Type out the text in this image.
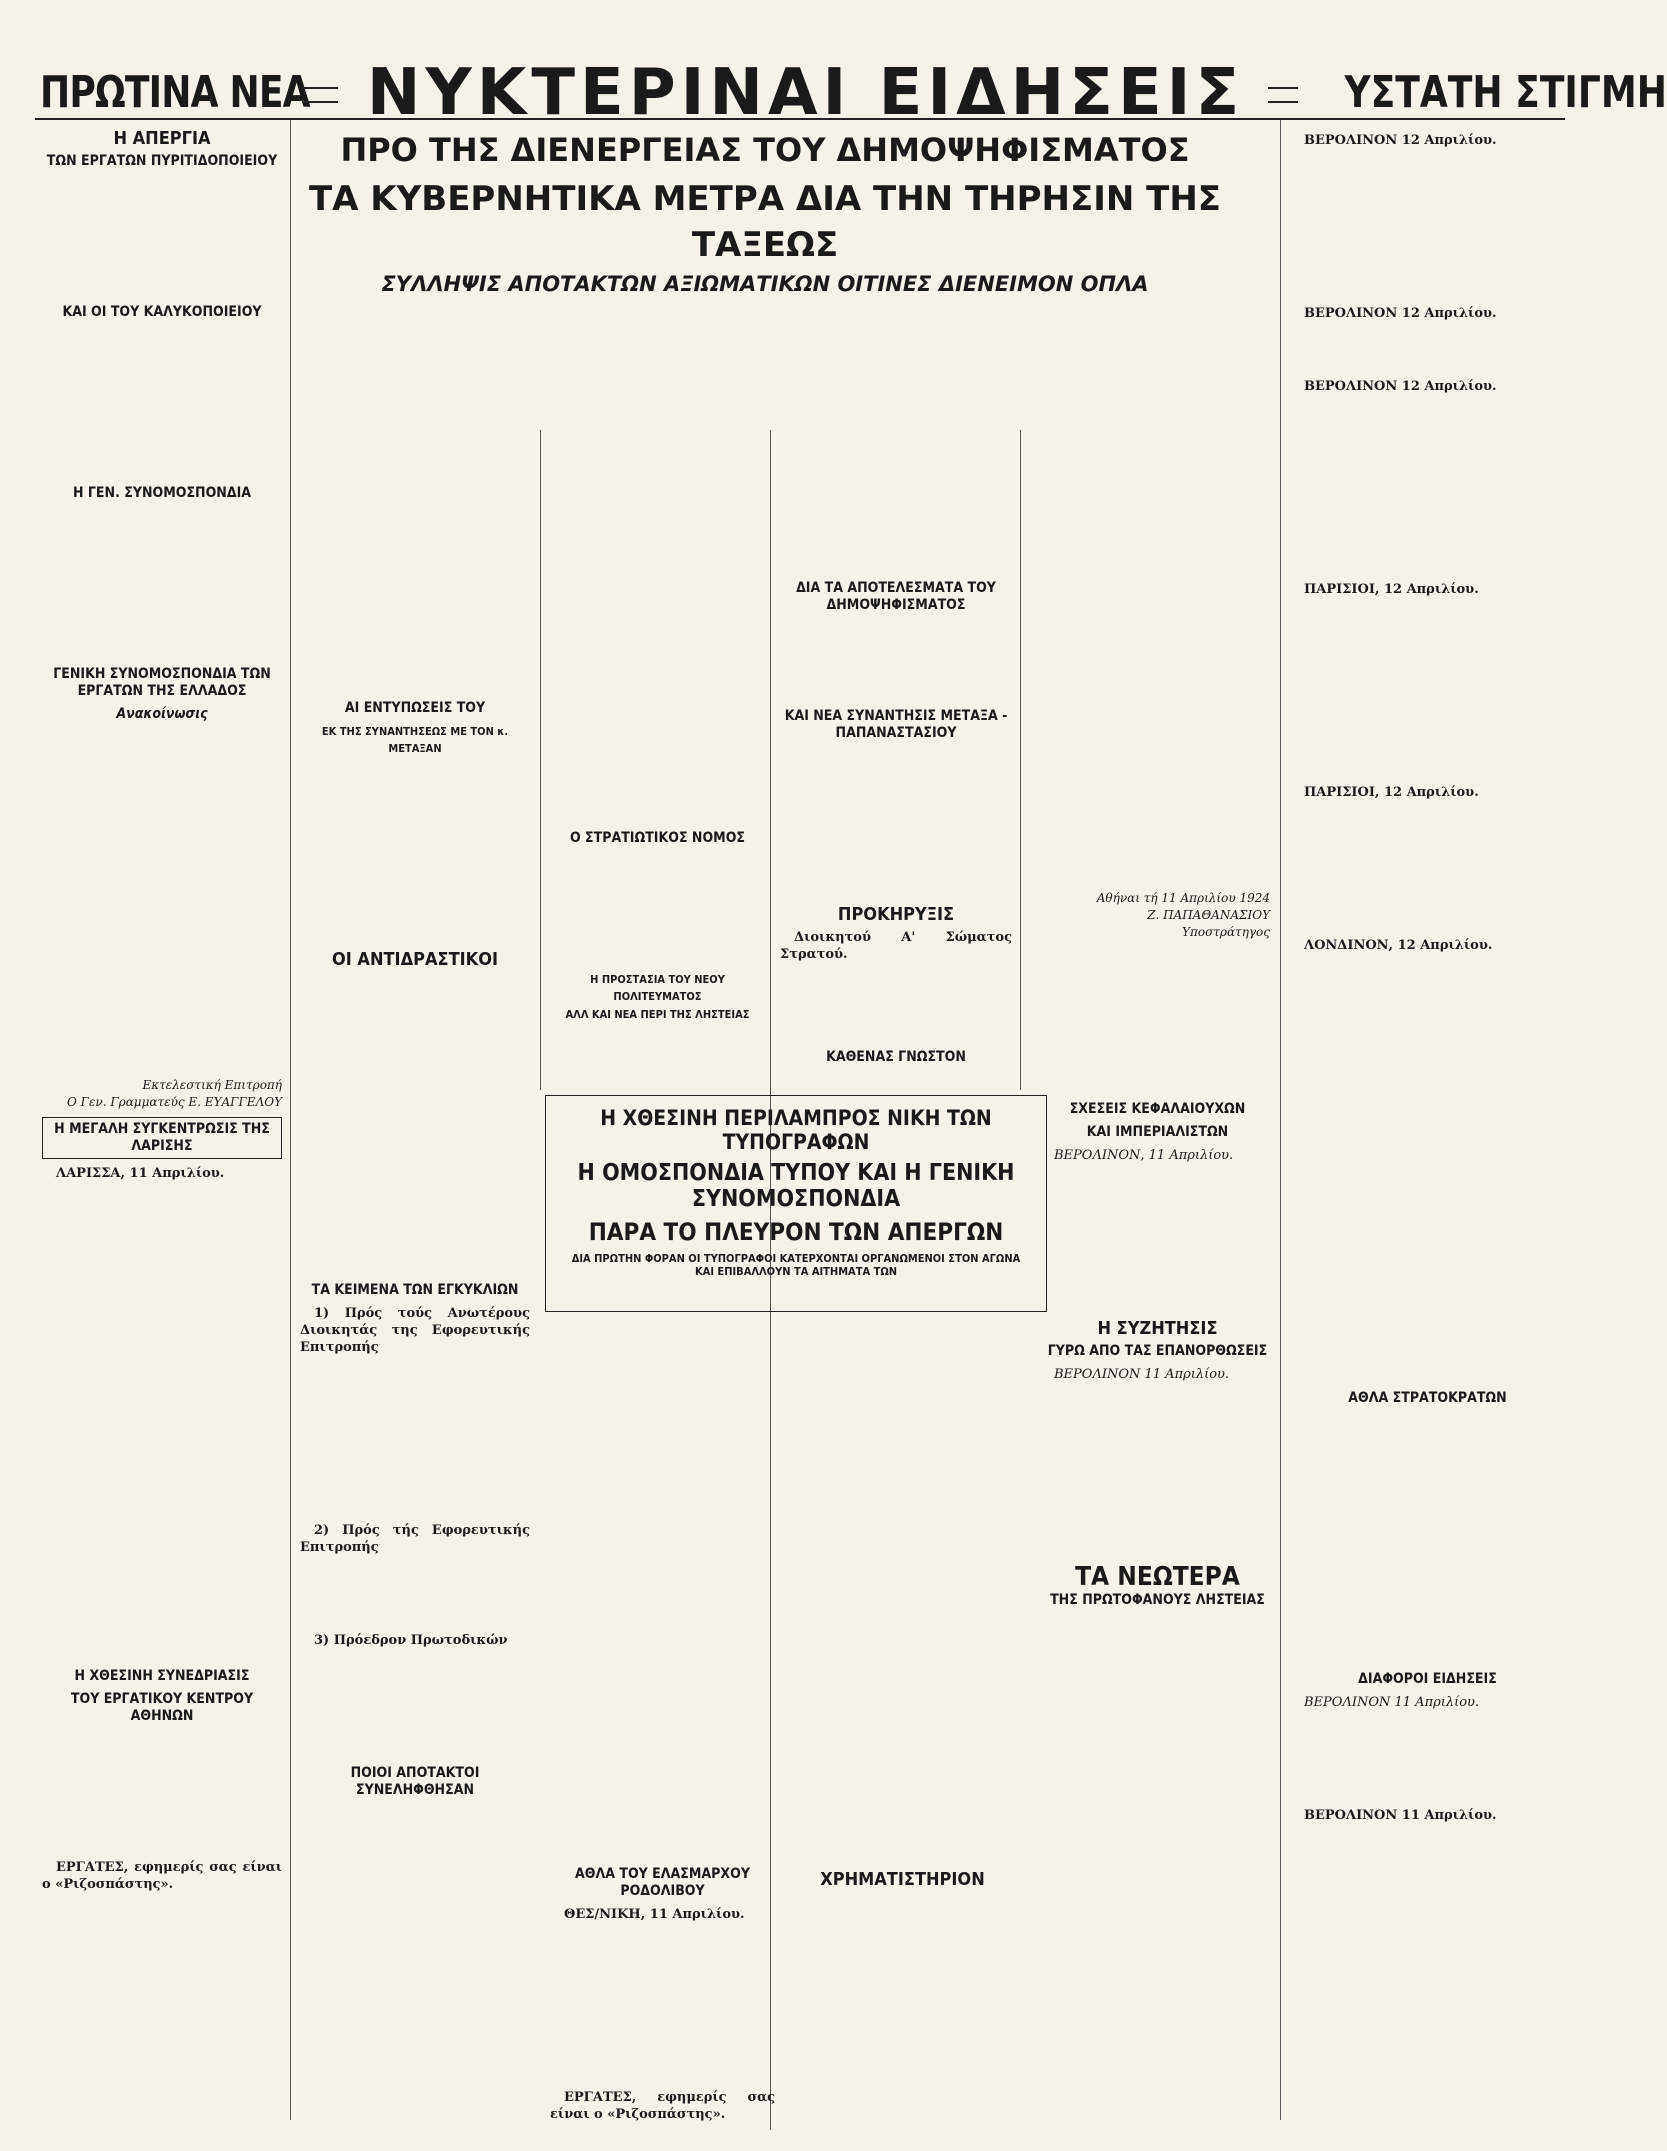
ΠΡΩΤΙΝΑ ΝΕΑ ΝΥΚΤΕΡΙΝΑΙ ΕΙΔΗΣΕΙΣ	ΥΣΤΑΤΗ ΣΤΙΓΜΗ
ΠΡΟ ΤΗΣ ΔΙΕΝΕΡΓΕΙΑΣ ΤΟΥ ΔΗΜΟΨΗΦΙΣΜΑΤΟΣ
ΤΑ ΚΥΒΕΡΝΗΤΙΚΑ ΜΕΤΡΑ ΔΙΑ ΤΗΝ ΤΗΡΗΣΙΝ ΤΗΣ ΤΑΞΕΩΣ
ΣΥΛΛΗΨΙΣ ΑΠΟΤΑΚΤΩΝ ΑΞΙΩΜΑΤΙΚΩΝ ΟΙΤΙΝΕΣ ΔΙΕΝΕΙΜΟΝ ΟΠΛΑ
Η ΑΠΕΡΓΙΑ
ΤΩΝ ΕΡΓΑΤΩΝ ΠΥΡΙΤΙΔΟΠΟΙΕΙΟΥ
ΚΑΙ ΟΙ ΤΟΥ ΚΑΛΥΚΟΠΟΙΕΙΟΥ
Η ΓΕΝ. ΣΥΝΟΜΟΣΠΟΝΔΙΑ
ΓΕΝΙΚΗ ΣΥΝΟΜΟΣΠΟΝΔΙΑ ΤΩΝ ΕΡΓΑΤΩΝ ΤΗΣ ΕΛΛΑΔΟΣ
Ανακοίνωσις
Εκτελεστική Επιτροπή
Ο Γεν. Γραμματεύς Ε. ΕΥΑΓΓΕΛΟΥ
Η ΜΕΓΑΛΗ ΣΥΓΚΕΝΤΡΩΣΙΣ ΤΗΣ ΛΑΡΙΣΗΣ
ΛΑΡΙΣΣΑ, 11 Απριλίου.
Η ΧΘΕΣΙΝΗ ΣΥΝΕΔΡΙΑΣΙΣ
ΤΟΥ ΕΡΓΑΤΙΚΟΥ ΚΕΝΤΡΟΥ ΑΘΗΝΩΝ
ΕΡΓΑΤΕΣ, εφημερίς σας είναι ο «Ριζοσπάστης».
ΑΙ ΕΝΤΥΠΩΣΕΙΣ ΤΟΥ
ΕΚ ΤΗΣ ΣΥΝΑΝΤΗΣΕΩΣ ΜΕ ΤΟΝ κ. ΜΕΤΑΞΑΝ
ΟΙ ΑΝΤΙΔΡΑΣΤΙΚΟΙ
ΤΑ ΚΕΙΜΕΝΑ ΤΩΝ ΕΓΚΥΚΛΙΩΝ
1) Πρός τούς Ανωτέρους Διοικητάς της Εφορευτικής Επιτροπής
2) Πρός τής Εφορευτικής Επιτροπής
3) Πρόεδρον Πρωτοδικών
ΠΟΙΟΙ ΑΠΟΤΑΚΤΟΙ ΣΥΝΕΛΗΦΘΗΣΑΝ
Ο ΣΤΡΑΤΙΩΤΙΚΟΣ ΝΟΜΟΣ
Η ΠΡΟΣΤΑΣΙΑ ΤΟΥ ΝΕΟΥ ΠΟΛΙΤΕΥΜΑΤΟΣ
ΔΙΑ ΤΑ ΑΠΟΤΕΛΕΣΜΑΤΑ ΤΟΥ ΔΗΜΟΨΗΦΙΣΜΑΤΟΣ
ΚΑΙ ΝΕΑ ΣΥΝΑΝΤΗΣΙΣ ΜΕΤΑΞΑ - ΠΑΠΑΝΑΣΤΑΣΙΟΥ
ΠΡΟΚΗΡΥΞΙΣ
Διοικητού Α' Σώματος Στρατού.
ΚΑΘΕΝΑΣ ΓΝΩΣΤΟΝ
Αθήναι τή 11 Απριλίου 1924
Ζ. ΠΑΠΑΘΑΝΑΣΙΟΥ
Υποστράτηγος
ΑΛΛ ΚΑΙ ΝΕΑ ΠΕΡΙ ΤΗΣ ΛΗΣΤΕΙΑΣ
Η ΧΘΕΣΙΝΗ ΠΕΡΙΛΑΜΠΡΟΣ ΝΙΚΗ ΤΩΝ ΤΥΠΟΓΡΑΦΩΝ
Η ΟΜΟΣΠΟΝΔΙΑ ΤΥΠΟΥ ΚΑΙ Η ΓΕΝΙΚΗ ΣΥΝΟΜΟΣΠΟΝΔΙΑ
ΠΑΡΑ ΤΟ ΠΛΕΥΡΟΝ ΤΩΝ ΑΠΕΡΓΩΝ
ΔΙΑ ΠΡΩΤΗΝ ΦΟΡΑΝ ΟΙ ΤΥΠΟΓΡΑΦΟΙ ΚΑΤΕΡΧΟΝΤΑΙ ΟΡΓΑΝΩΜΕΝΟΙ ΣΤΟΝ ΑΓΩΝΑ ΚΑΙ ΕΠΙΒΑΛΛΟΥΝ ΤΑ ΑΙΤΗΜΑΤΑ ΤΩΝ
ΑΘΛΑ ΤΟΥ ΕΛΑΣΜΑΡΧΟΥ ΡΟΔΟΛΙΒΟΥ
ΘΕΣ/ΝΙΚΗ, 11 Απριλίου.
ΕΡΓΑΤΕΣ, εφημερίς σας είναι ο «Ριζοσπάστης».
ΧΡΗΜΑΤΙΣΤΗΡΙΟΝ
ΣΧΕΣΕΙΣ ΚΕΦΑΛΑΙΟΥΧΩΝ
ΚΑΙ ΙΜΠΕΡΙΑΛΙΣΤΩΝ
ΒΕΡΟΛΙΝΟΝ, 11 Απριλίου.
Η ΣΥΖΗΤΗΣΙΣ
ΓΥΡΩ ΑΠΟ ΤΑΣ ΕΠΑΝΟΡΘΩΣΕΙΣ
ΒΕΡΟΛΙΝΟΝ 11 Απριλίου.
ΤΑ ΝΕΩΤΕΡΑ
ΤΗΣ ΠΡΩΤΟΦΑΝΟΥΣ ΛΗΣΤΕΙΑΣ
ΒΕΡΟΛΙΝΟΝ 12 Απριλίου.
ΒΕΡΟΛΙΝΟΝ 12 Απριλίου.
ΒΕΡΟΛΙΝΟΝ 12 Απριλίου.
ΠΑΡΙΣΙΟΙ, 12 Απριλίου.
ΠΑΡΙΣΙΟΙ, 12 Απριλίου.
ΛΟΝΔΙΝΟΝ, 12 Απριλίου.
ΑΘΛΑ ΣΤΡΑΤΟΚΡΑΤΩΝ
ΔΙΑΦΟΡΟΙ ΕΙΔΗΣΕΙΣ
ΒΕΡΟΛΙΝΟΝ 11 Απριλίου.
ΒΕΡΟΛΙΝΟΝ 11 Απριλίου.
